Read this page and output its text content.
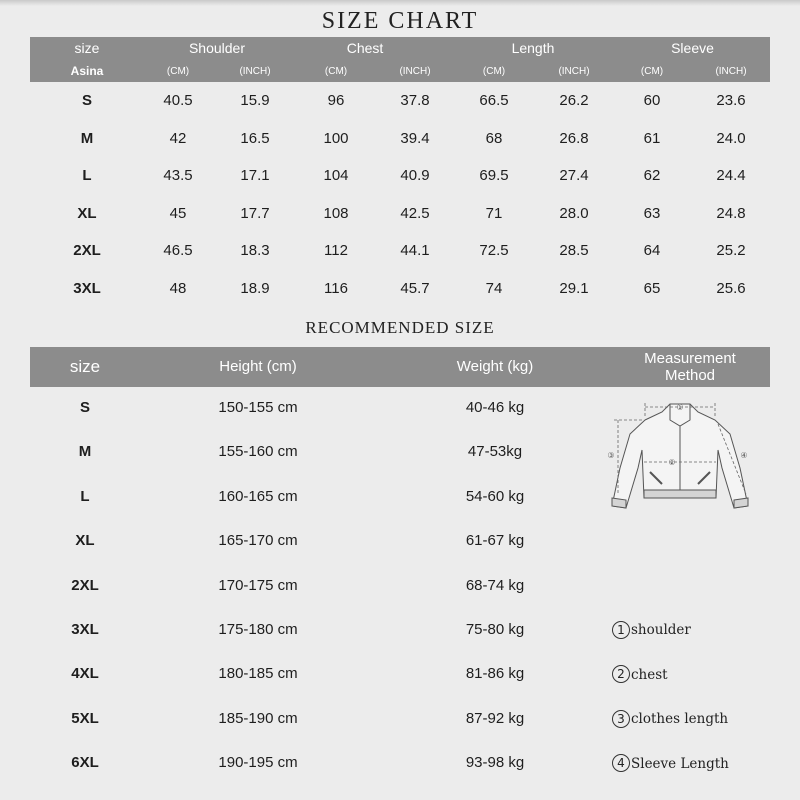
SIZE CHART
size
Asina
Shoulder	Chest	Length	Sleeve
(CM)	(INCH)	(CM)	(INCH)	(CM)	(INCH)	(CM)	(INCH)
S	40.5	15.9	96	37.8	66.5	26.2	60	23.6
M	42	16.5	100	39.4	68	26.8	61	24.0
L	43.5	17.1	104	40.9	69.5	27.4	62	24.4
XL	45	17.7	108	42.5	71	28.0	63	24.8
2XL	46.5	18.3	112	44.1	72.5	28.5	64	25.2
3XL	48	18.9	116	45.7	74	29.1	65	25.6
RECOMMENDED SIZE
size	Height (cm)	Weight (kg)	Measurement
Method
S	150-155 cm	40-46 kg
M	155-160 cm	47-53kg
L	160-165 cm	54-60 kg
XL	165-170 cm	61-67 kg
2XL	170-175 cm	68-74 kg
3XL	175-180 cm	75-80 kg
4XL	180-185 cm	81-86 kg
5XL	185-190 cm	87-92 kg
6XL	190-195 cm	93-98 kg
①
②
③	④
1 shoulder
2 chest
3 clothes length
4 Sleeve Length
